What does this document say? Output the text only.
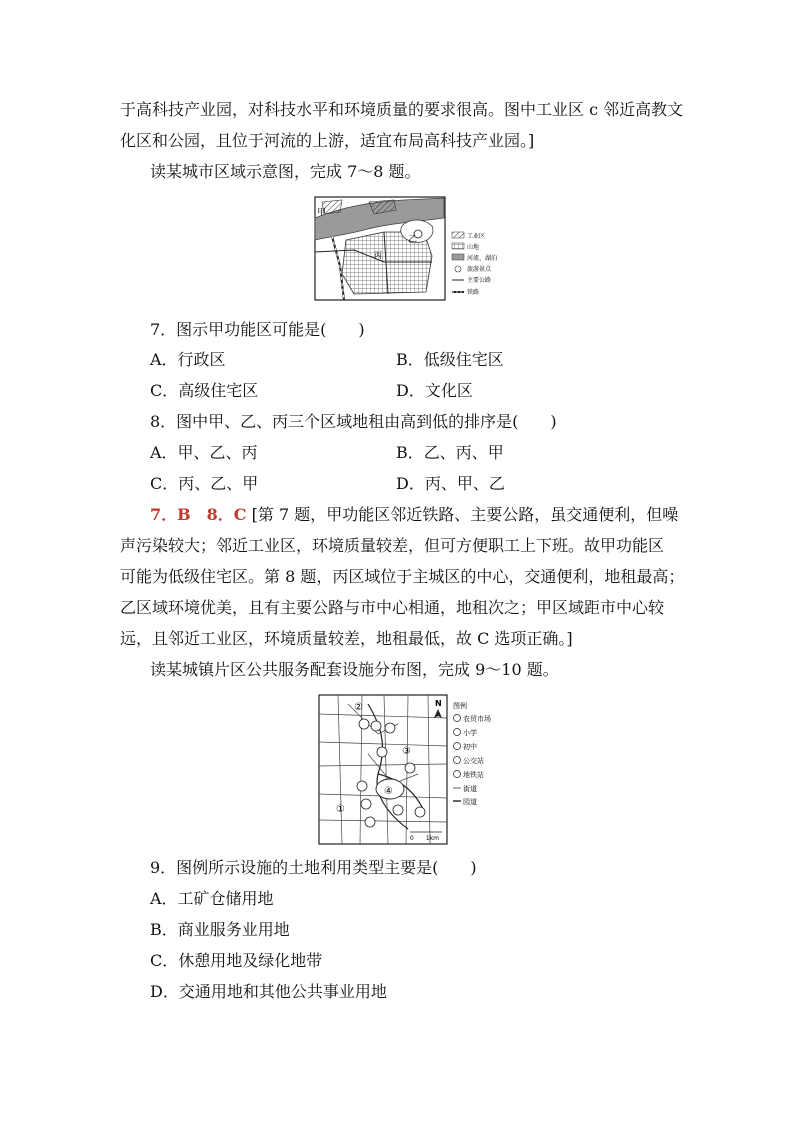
于高科技产业园，对科技水平和环境质量的要求很高。图中工业区 c 邻近高教文
化区和公园，且位于河流的上游，适宜布局高科技产业园。]
读某城市区域示意图，完成 7～8 题。
甲
乙
丙
工业区
山地
河流、湖泊
旅游景点
主要公路
铁路
7．图示甲功能区可能是(　　)
A．行政区	B．低级住宅区
C．高级住宅区	D．文化区
8．图中甲、乙、丙三个区域地租由高到低的排序是(　　)
A．甲、乙、丙	B．乙、丙、甲
C．丙、乙、甲	D．丙、甲、乙
7．B　8．C [第 7 题，甲功能区邻近铁路、主要公路，虽交通便利，但噪
声污染较大；邻近工业区，环境质量较差，但可方便职工上下班。故甲功能区
可能为低级住宅区。第 8 题，丙区域位于主城区的中心，交通便利，地租最高；
乙区域环境优美，且有主要公路与市中心相通，地租次之；甲区域距市中心较
远，且邻近工业区，环境质量较差，地租最低，故 C 选项正确。]
读某城镇片区公共服务配套设施分布图，完成 9～10 题。
①
②
③
④
N 图例
农贸市场
小学
初中
公交站
地铁站
街道
园道
0　　1km
9．图例所示设施的土地利用类型主要是(　　)
A．工矿仓储用地
B．商业服务业用地
C．休憩用地及绿化地带
D．交通用地和其他公共事业用地
